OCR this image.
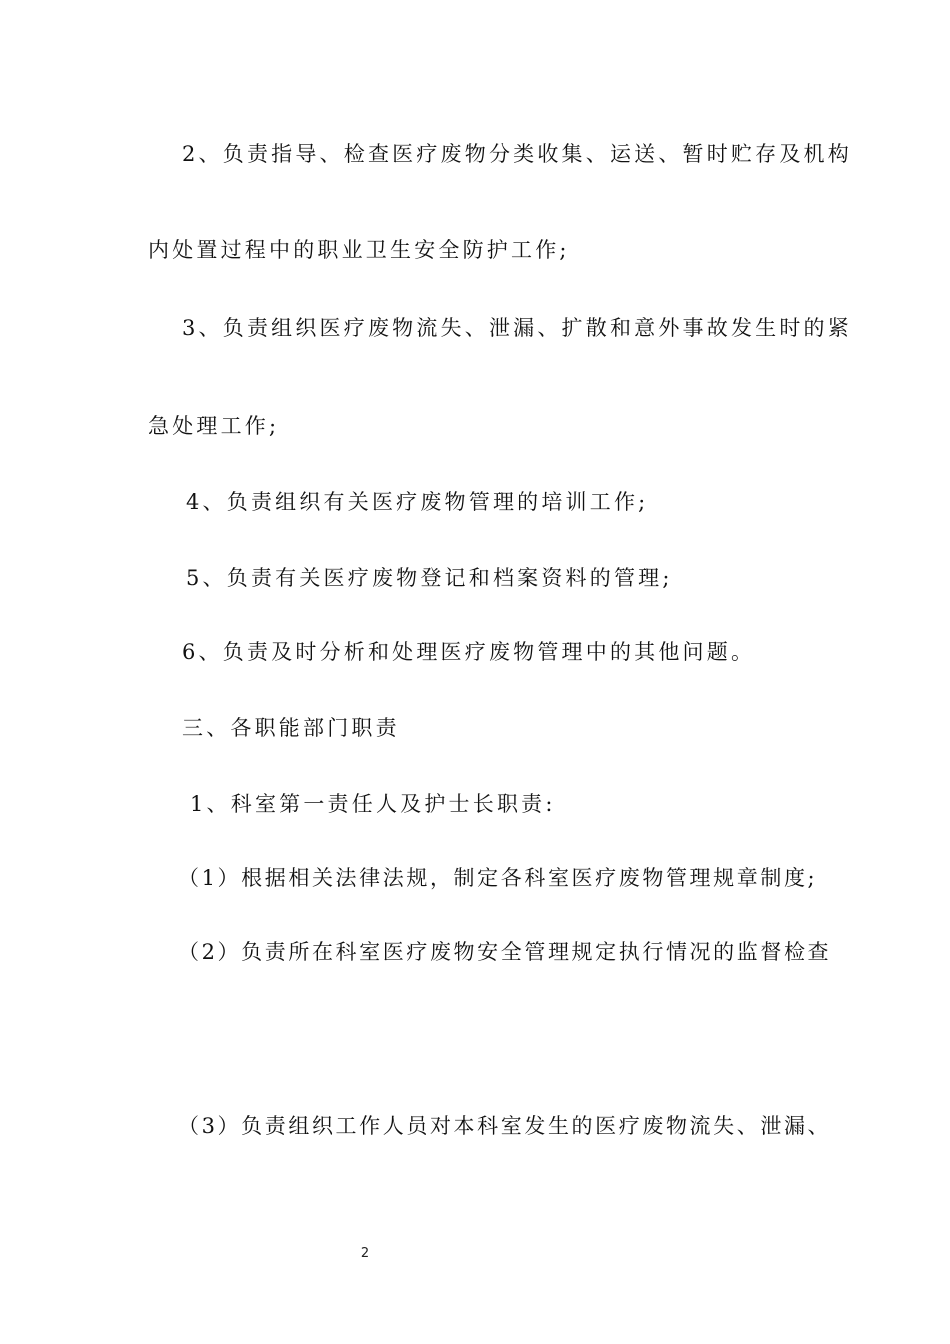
2、负责指导、检查医疗废物分类收集、运送、暂时贮存及机构
内处置过程中的职业卫生安全防护工作;
3、负责组织医疗废物流失、泄漏、扩散和意外事故发生时的紧
急处理工作;
4、负责组织有关医疗废物管理的培训工作;
5、负责有关医疗废物登记和档案资料的管理;
6、负责及时分析和处理医疗废物管理中的其他问题。
三、各职能部门职责
1、科室第一责任人及护士长职责:
（1）根据相关法律法规，制定各科室医疗废物管理规章制度;
（2）负责所在科室医疗废物安全管理规定执行情况的监督检查
（3）负责组织工作人员对本科室发生的医疗废物流失、泄漏、
2
